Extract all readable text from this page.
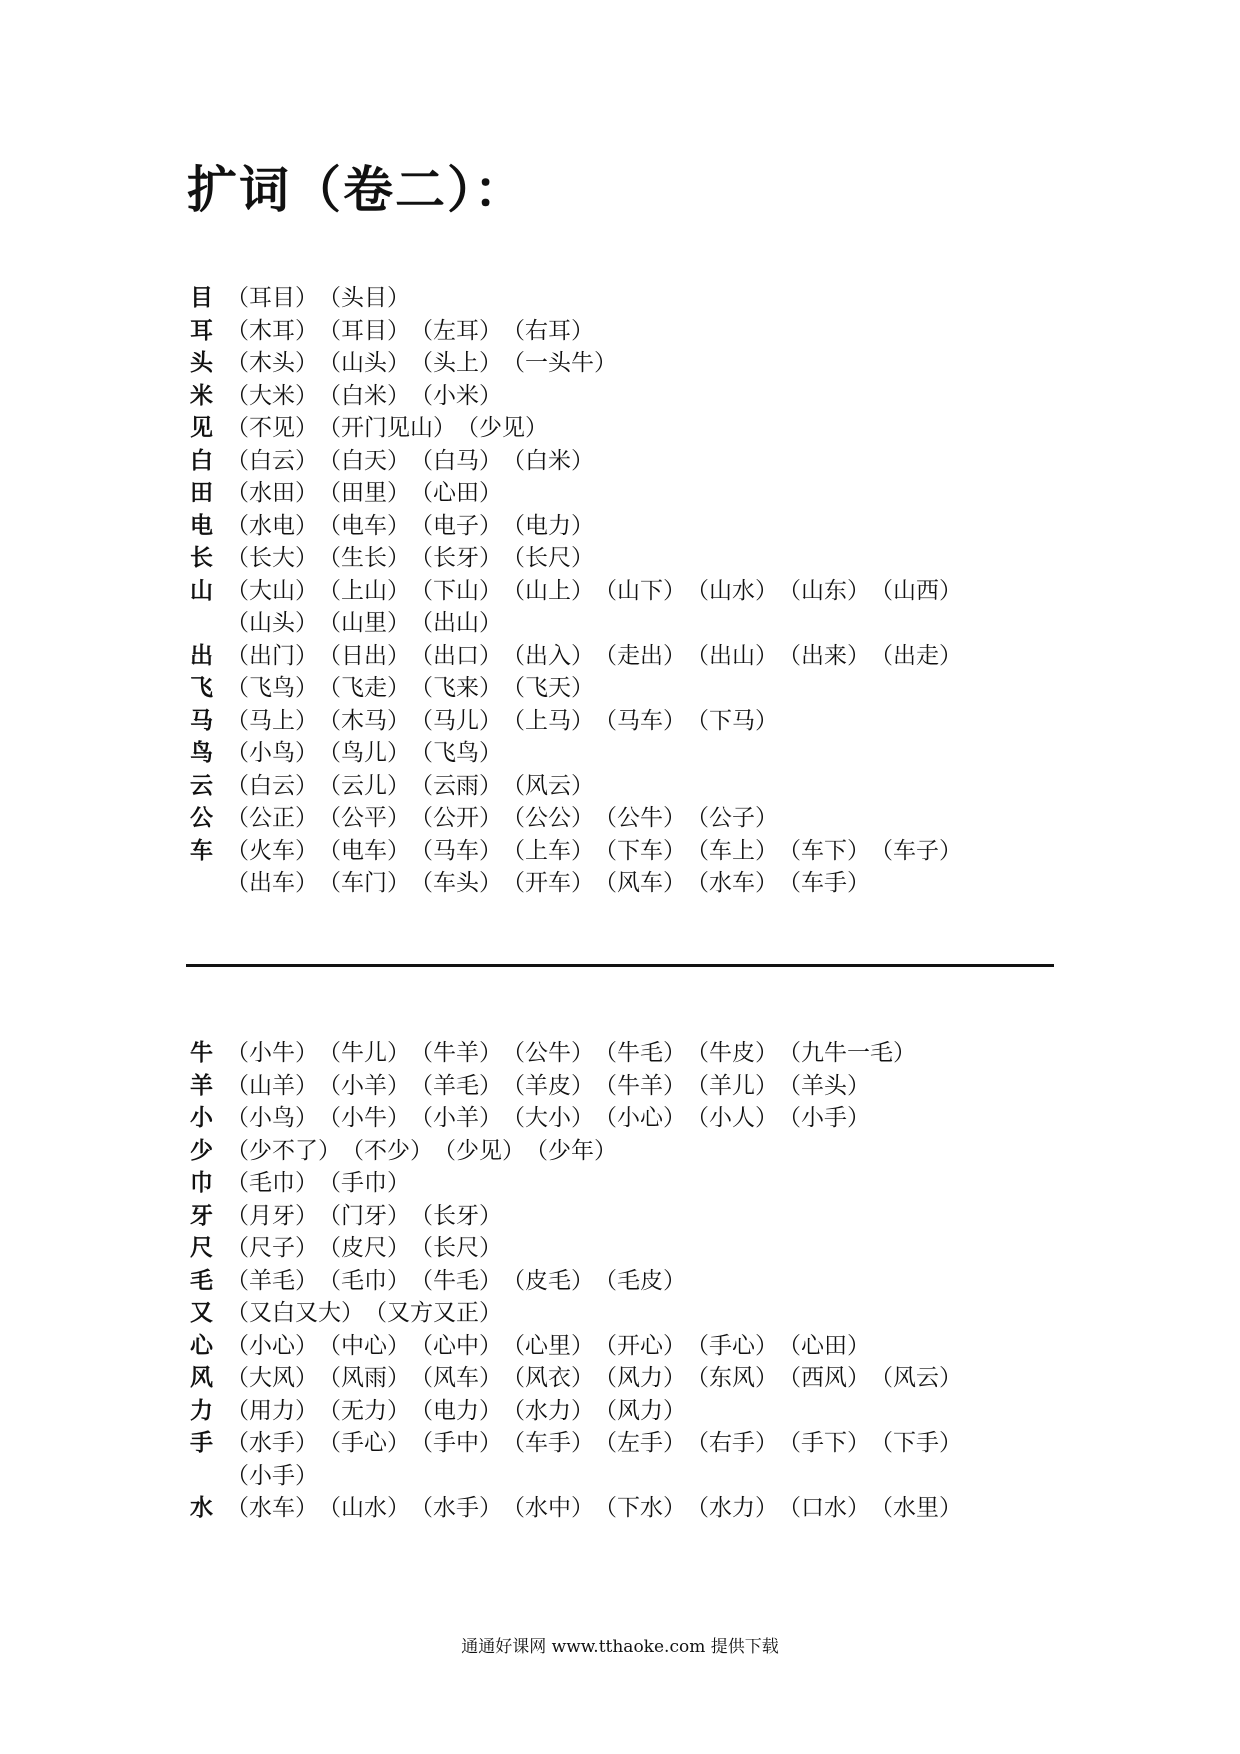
扩词（卷二）：
目 （耳目） （头目）
耳 （木耳） （耳目） （左耳） （右耳）
头 （木头） （山头） （头上） （一头牛）
米 （大米） （白米） （小米）
见 （不见） （开门见山） （少见）
白 （白云） （白天） （白马） （白米）
田 （水田） （田里） （心田）
电 （水电） （电车） （电子） （电力）
长 （长大） （生长） （长牙） （长尺）
山 （大山） （上山） （下山） （山上） （山下） （山水） （山东） （山西）
（山头） （山里） （出山）
出 （出门） （日出） （出口） （出入） （走出） （出山） （出来） （出走）
飞 （飞鸟） （飞走） （飞来） （飞天）
马 （马上） （木马） （马儿） （上马） （马车） （下马）
鸟 （小鸟） （鸟儿） （飞鸟）
云 （白云） （云儿） （云雨） （风云）
公 （公正） （公平） （公开） （公公） （公牛） （公子）
车 （火车） （电车） （马车） （上车） （下车） （车上） （车下） （车子）
（出车） （车门） （车头） （开车） （风车） （水车） （车手）
牛 （小牛） （牛儿） （牛羊） （公牛） （牛毛） （牛皮） （九牛一毛）
羊 （山羊） （小羊） （羊毛） （羊皮） （牛羊） （羊儿） （羊头）
小 （小鸟） （小牛） （小羊） （大小） （小心） （小人） （小手）
少 （少不了） （不少） （少见） （少年）
巾 （毛巾） （手巾）
牙 （月牙） （门牙） （长牙）
尺 （尺子） （皮尺） （长尺）
毛 （羊毛） （毛巾） （牛毛） （皮毛） （毛皮）
又 （又白又大） （又方又正）
心 （小心） （中心） （心中） （心里） （开心） （手心） （心田）
风 （大风） （风雨） （风车） （风衣） （风力） （东风） （西风） （风云）
力 （用力） （无力） （电力） （水力） （风力）
手 （水手） （手心） （手中） （车手） （左手） （右手） （手下） （下手）
（小手）
水 （水车） （山水） （水手） （水中） （下水） （水力） （口水） （水里）
通通好课网 www.tthaoke.com 提供下载
